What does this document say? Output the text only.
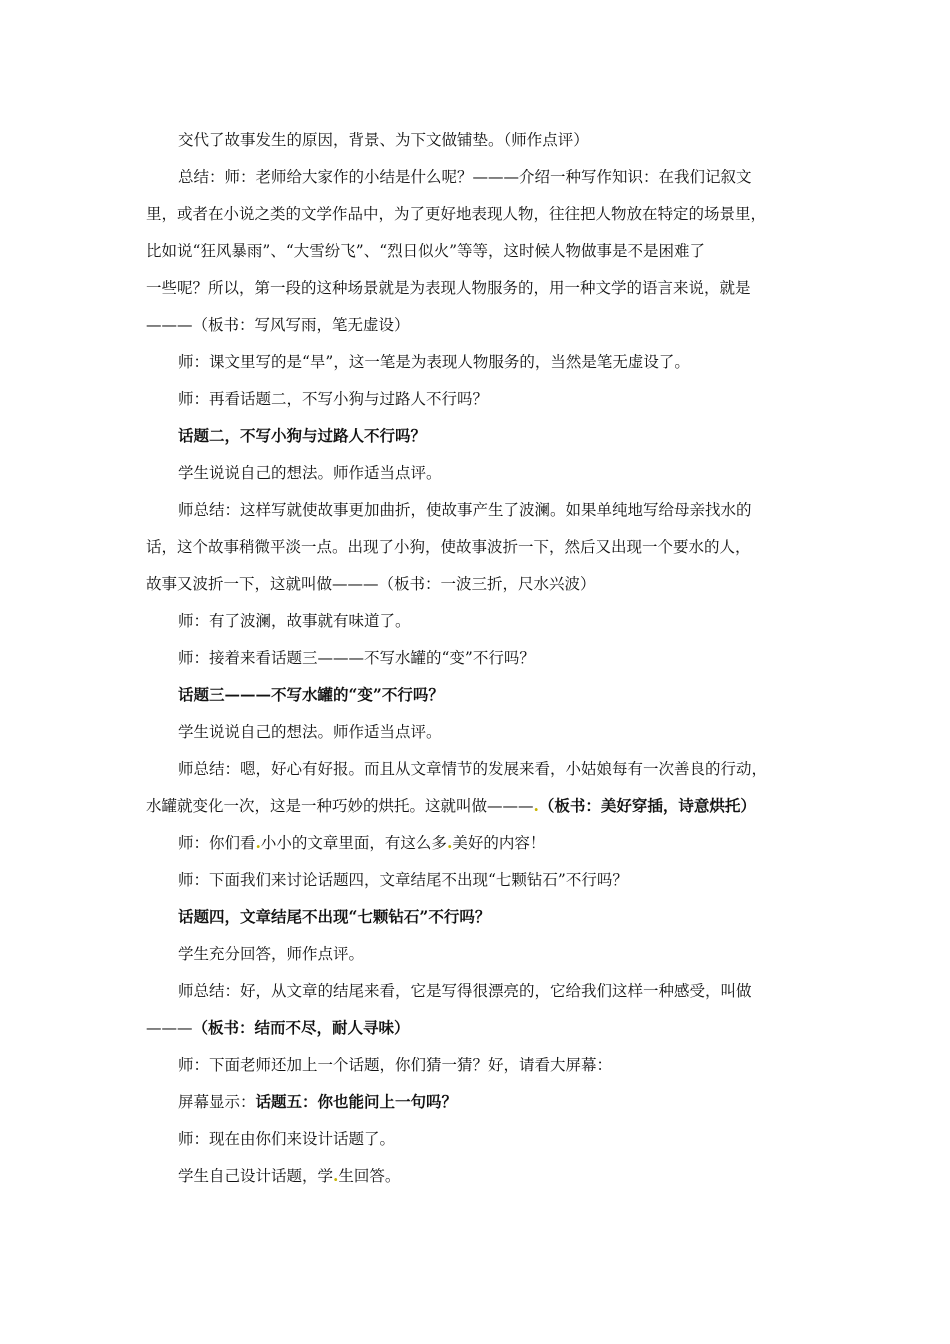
交代了故事发生的原因，背景、为下文做铺垫。（师作点评）
总结：师：老师给大家作的小结是什么呢？———介绍一种写作知识：在我们记叙文
里，或者在小说之类的文学作品中，为了更好地表现人物，往往把人物放在特定的场景里，
比如说“狂风暴雨”、“大雪纷飞”、“烈日似火”等等，这时候人物做事是不是困难了
一些呢？所以，第一段的这种场景就是为表现人物服务的，用一种文学的语言来说，就是
———（板书：写风写雨，笔无虚设）
师：课文里写的是“旱”，这一笔是为表现人物服务的，当然是笔无虚设了。
师：再看话题二，不写小狗与过路人不行吗？
话题二，不写小狗与过路人不行吗？
学生说说自己的想法。师作适当点评。
师总结：这样写就使故事更加曲折，使故事产生了波澜。如果单纯地写给母亲找水的
话，这个故事稍微平淡一点。出现了小狗，使故事波折一下，然后又出现一个要水的人，
故事又波折一下，这就叫做———（板书：一波三折，尺水兴波）
师：有了波澜，故事就有味道了。
师：接着来看话题三———不写水罐的“变”不行吗？
话题三———不写水罐的“变”不行吗？
学生说说自己的想法。师作适当点评。
师总结：嗯，好心有好报。而且从文章情节的发展来看，小姑娘每有一次善良的行动，
水罐就变化一次，这是一种巧妙的烘托。这就叫做———.（板书：美好穿插，诗意烘托）
师：你们看.小小的文章里面，有这么多.美好的内容！
师：下面我们来讨论话题四，文章结尾不出现“七颗钻石”不行吗？
话题四，文章结尾不出现“七颗钻石”不行吗？
学生充分回答，师作点评。
师总结：好，从文章的结尾来看，它是写得很漂亮的，它给我们这样一种感受，叫做
———（板书：结而不尽，耐人寻味）
师：下面老师还加上一个话题，你们猜一猜？好，请看大屏幕：
屏幕显示：话题五：你也能问上一句吗？
师：现在由你们来设计话题了。
学生自己设计话题，学.生回答。
